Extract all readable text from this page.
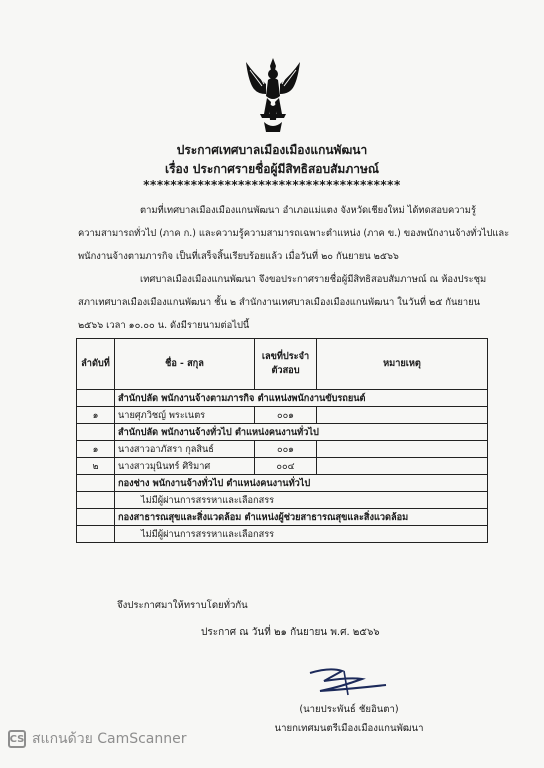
ประกาศเทศบาลเมืองเมืองแกนพัฒนา
เรื่อง ประกาศรายชื่อผู้มีสิทธิสอบสัมภาษณ์
**************************************
ตามที่เทศบาลเมืองเมืองแกนพัฒนา อำเภอแม่แตง จังหวัดเชียงใหม่ ได้ทดสอบความรู้
ความสามารถทั่วไป (ภาค ก.) และความรู้ความสามารถเฉพาะตำแหน่ง (ภาค ข.) ของพนักงานจ้างทั่วไปและ
พนักงานจ้างตามภารกิจ เป็นที่เสร็จสิ้นเรียบร้อยแล้ว เมื่อวันที่ ๒๐ กันยายน ๒๕๖๖
เทศบาลเมืองเมืองแกนพัฒนา จึงขอประกาศรายชื่อผู้มีสิทธิสอบสัมภาษณ์ ณ ห้องประชุม
สภาเทศบาลเมืองเมืองแกนพัฒนา ชั้น ๒ สำนักงานเทศบาลเมืองเมืองแกนพัฒนา ในวันที่ ๒๕ กันยายน
ลำดับที่	ชื่อ - สกุล	เลขที่ประจำตัวสอบ	หมายเหตุ
	สำนักปลัด พนักงานจ้างตามภารกิจ ตำแหน่งพนักงานขับรถยนต์		
๑	นายศุภวิชญ์ พระเนตร	๐๐๑	
	สำนักปลัด พนักงานจ้างทั่วไป ตำแหน่งคนงานทั่วไป		
๑	นางสาวอาภัสรา กุลสินธ์	๐๐๑	
๒	นางสาวมุนินทร์ ศิริมาศ	๐๐๔	
	กองช่าง พนักงานจ้างทั่วไป ตำแหน่งคนงานทั่วไป		
	ไม่มีผู้ผ่านการสรรหาและเลือกสรร		
	กองสาธารณสุขและสิ่งแวดล้อม ตำแหน่งผู้ช่วยสาธารณสุขและสิ่งแวดล้อม		
	ไม่มีผู้ผ่านการสรรหาและเลือกสรร		
จึงประกาศมาให้ทราบโดยทั่วกัน
ประกาศ ณ วันที่ ๒๑ กันยายน พ.ศ. ๒๕๖๖
(นายประพันธ์ ชัยอินตา)
นายกเทศมนตรีเมืองเมืองแกนพัฒนา
CS สแกนด้วย CamScanner
๒๕๖๖ เวลา ๑๐.๐๐ น. ดังมีรายนามต่อไปนี้
